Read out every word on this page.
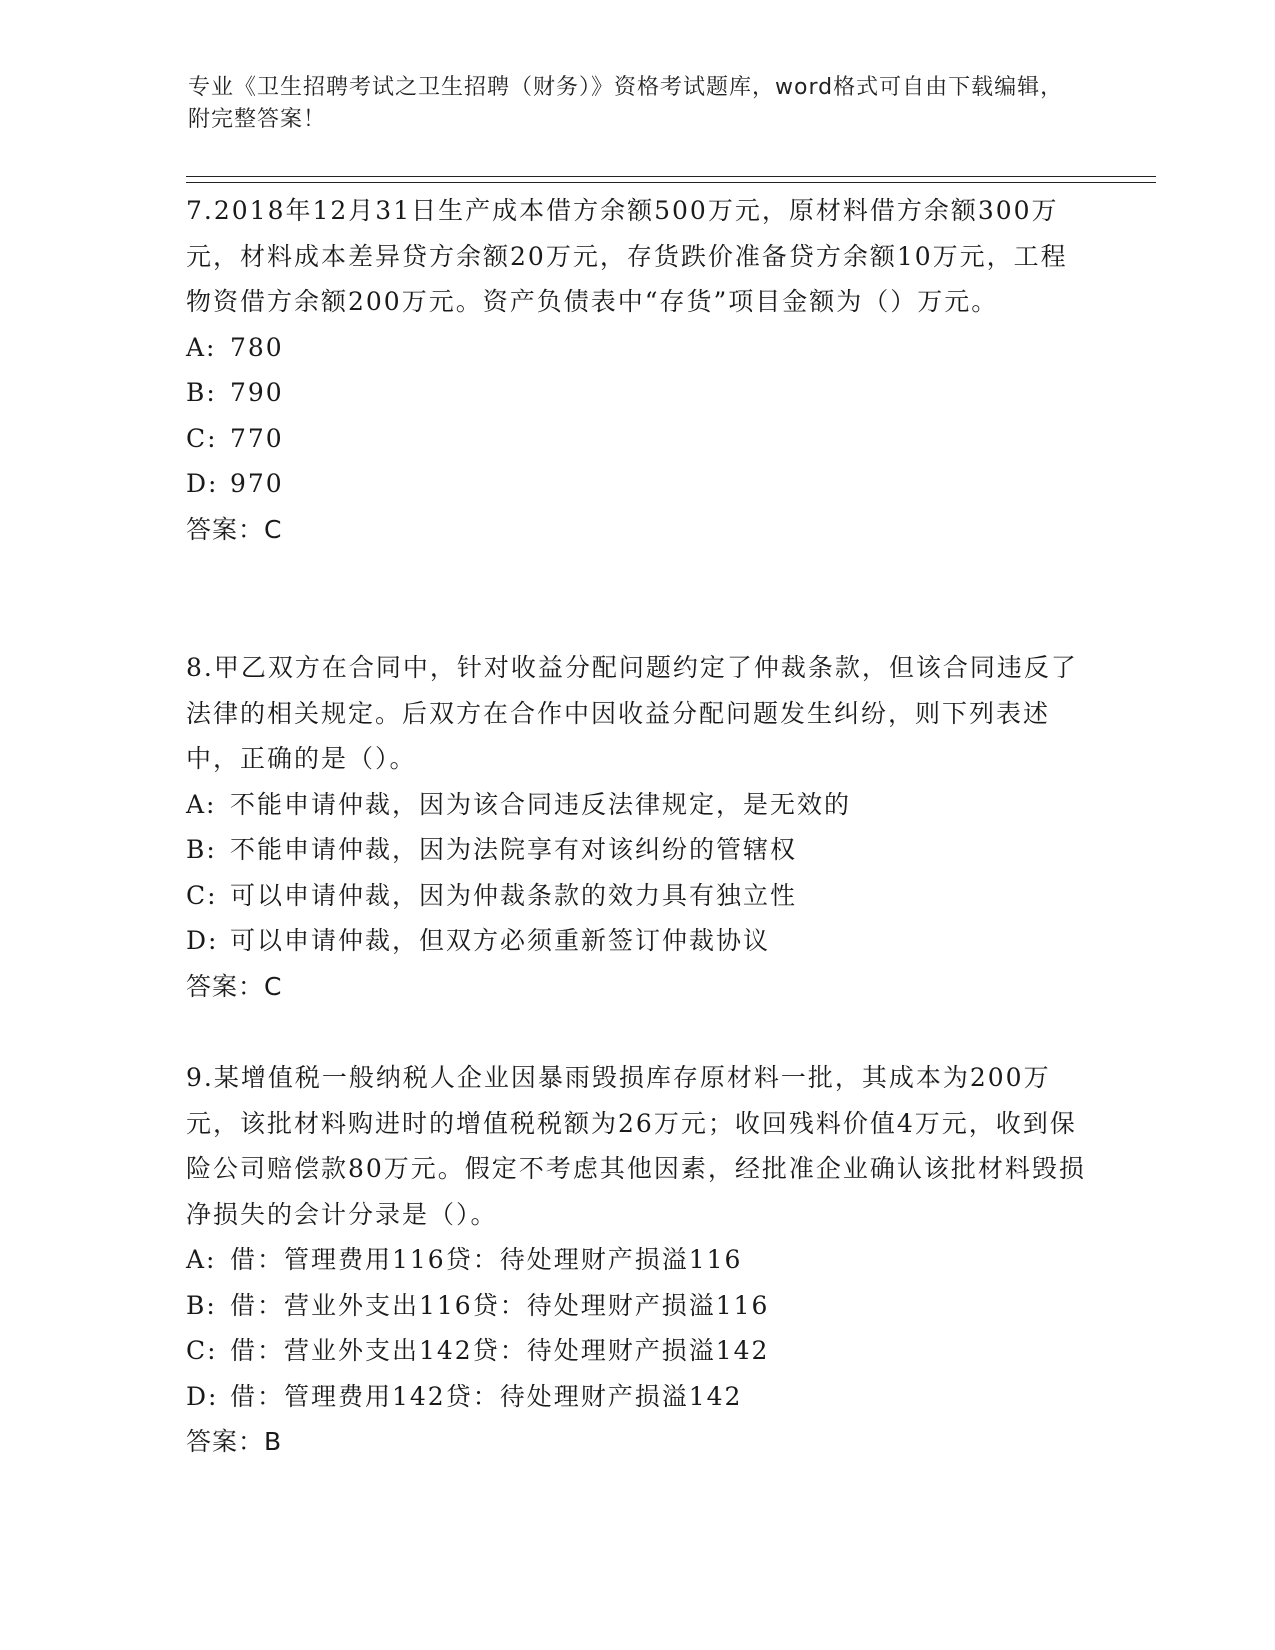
专业《卫生招聘考试之卫生招聘（财务）》资格考试题库，word格式可自由下载编辑，附完整答案！

7.2018年12月31日生产成本借方余额500万元，原材料借方余额300万元，材料成本差异贷方余额20万元，存货跌价准备贷方余额10万元，工程物资借方余额200万元。资产负债表中“存货”项目金额为（）万元。

A: 780
B: 790
C: 770
D: 970
答案：C

8.甲乙双方在合同中，针对收益分配问题约定了仲裁条款，但该合同违反了法律的相关规定。后双方在合作中因收益分配问题发生纠纷，则下列表述中，正确的是（）。

A: 不能申请仲裁，因为该合同违反法律规定，是无效的
B: 不能申请仲裁，因为法院享有对该纠纷的管辖权
C: 可以申请仲裁，因为仲裁条款的效力具有独立性
D: 可以申请仲裁，但双方必须重新签订仲裁协议
答案：C

9.某增值税一般纳税人企业因暴雨毁损库存原材料一批，其成本为200万元，该批材料购进时的增值税税额为26万元；收回残料价值4万元，收到保险公司赔偿款80万元。假定不考虑其他因素，经批准企业确认该批材料毁损净损失的会计分录是（）。

A: 借：管理费用116贷：待处理财产损溢116
B: 借：营业外支出116贷：待处理财产损溢116
C: 借：营业外支出142贷：待处理财产损溢142
D: 借：管理费用142贷：待处理财产损溢142
答案：B
